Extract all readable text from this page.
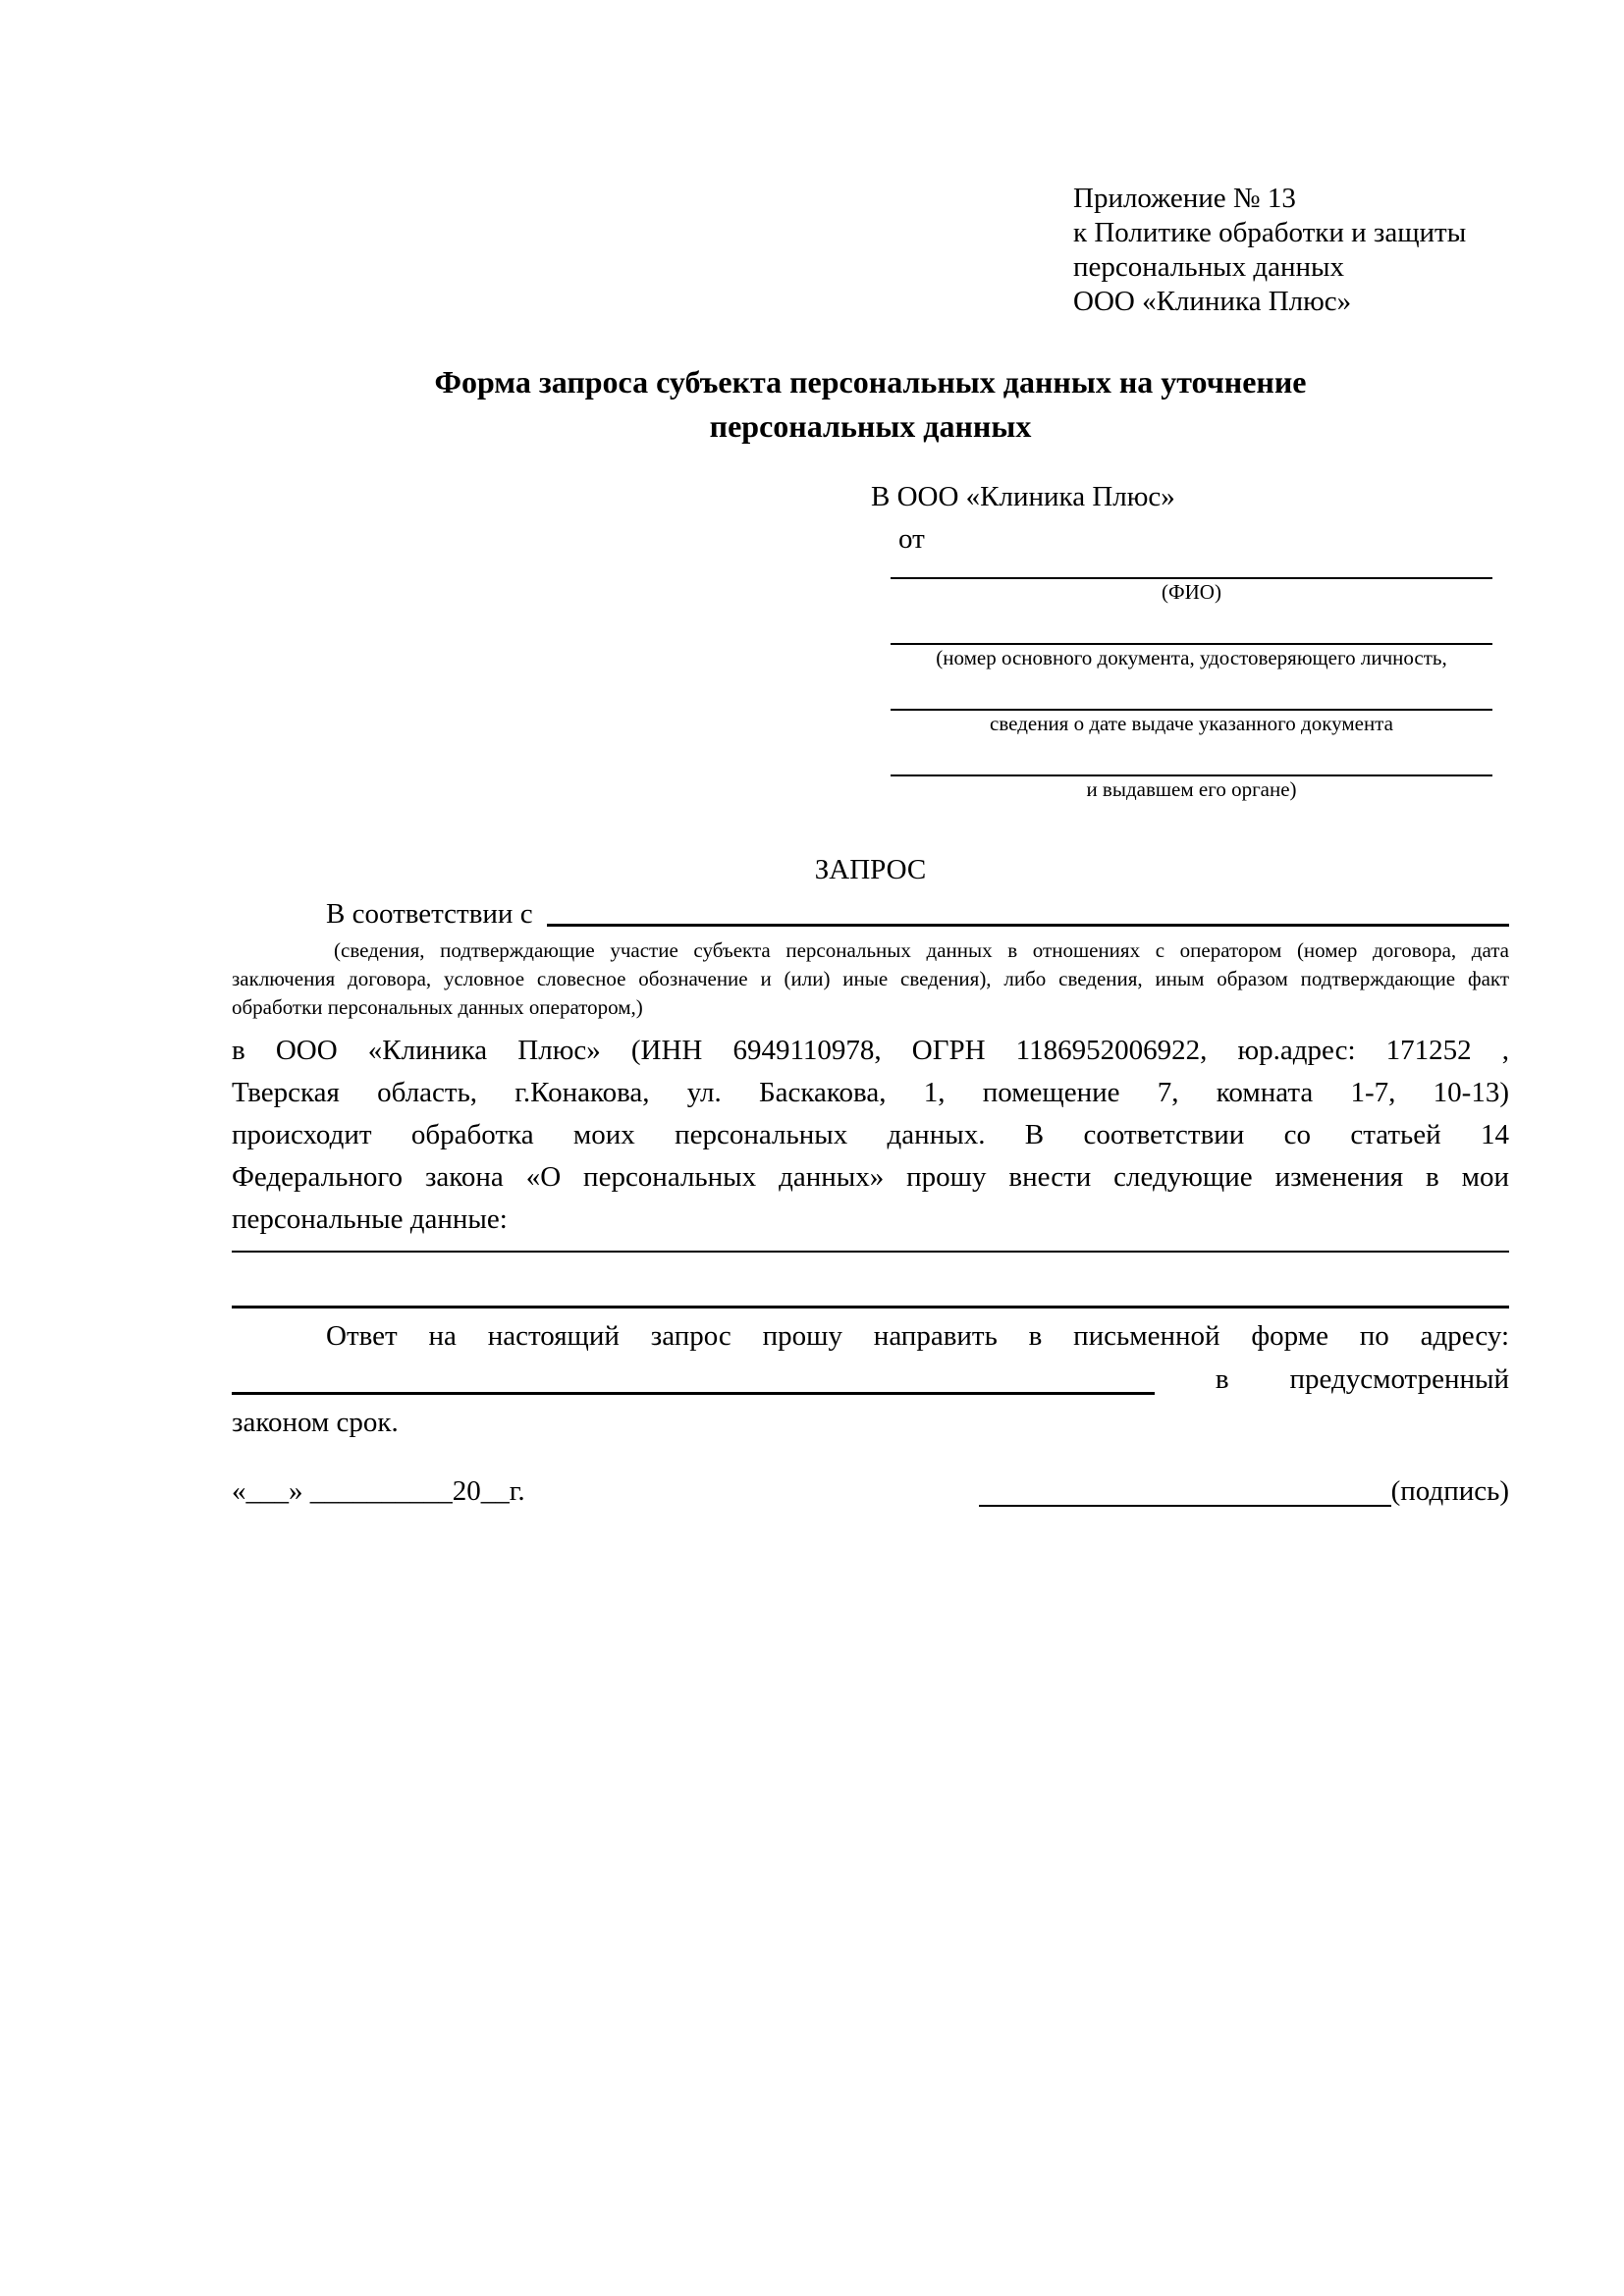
Приложение № 13
к Политике обработки и защиты
персональных данных
ООО «Клиника Плюс»
Форма запроса субъекта персональных данных на уточнение
персональных данных
В ООО «Клиника Плюс»
от
(ФИО)
(номер основного документа, удостоверяющего личность,
сведения о дате выдаче указанного документа
и выдавшем его органе)
ЗАПРОС
В соответствии с
(сведения, подтверждающие участие субъекта персональных данных в отношениях с оператором (номер договора, дата
заключения договора, условное словесное обозначение и (или) иные сведения), либо сведения, иным образом подтверждающие факт
обработки персональных данных оператором,)
в ООО «Клиника Плюс» (ИНН 6949110978, ОГРН 1186952006922, юр.адрес: 171252 ,
Тверская область, г.Конакова, ул. Баскакова, 1, помещение 7, комната 1-7, 10-13)
происходит обработка моих персональных данных. В соответствии со статьей 14
Федерального закона «О персональных данных» прошу внести следующие изменения в мои
персональные данные:
Ответ на настоящий запрос прошу направить в письменной форме по адресу:
в предусмотренный
законом срок.
«___» __________20__г.	(подпись)
